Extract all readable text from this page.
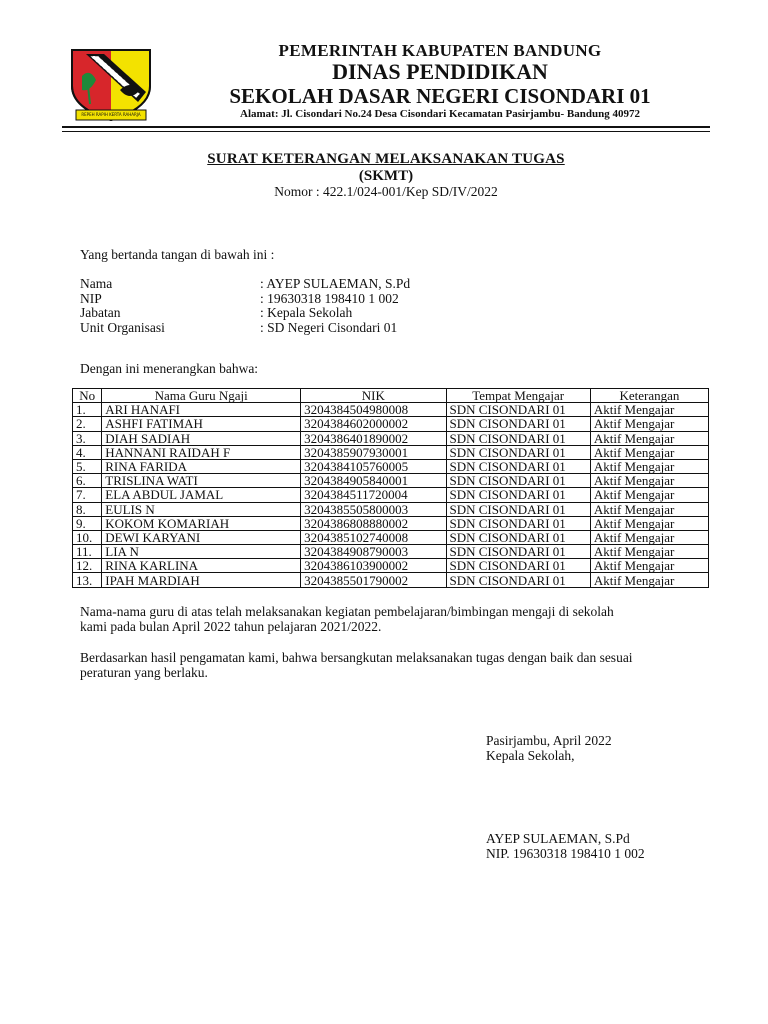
REPEH RAPIH KERTA RAHARJA
PEMERINTAH KABUPATEN BANDUNG
DINAS PENDIDIKAN
SEKOLAH DASAR NEGERI CISONDARI 01
Alamat: Jl. Cisondari No.24 Desa Cisondari Kecamatan Pasirjambu- Bandung 40972
SURAT KETERANGAN MELAKSANAKAN TUGAS
(SKMT)
Nomor : 422.1/024-001/Kep SD/IV/2022
Yang bertanda tangan di bawah ini :
Nama	: AYEP SULAEMAN, S.Pd
NIP	: 19630318 198410 1 002
Jabatan	: Kepala Sekolah
Unit Organisasi	: SD Negeri Cisondari 01
Dengan ini menerangkan bahwa:
No	Nama Guru Ngaji	NIK	Tempat Mengajar	Keterangan
1.	ARI HANAFI	3204384504980008	SDN CISONDARI 01	Aktif Mengajar
2.	ASHFI FATIMAH	3204384602000002	SDN CISONDARI 01	Aktif Mengajar
3.	DIAH SADIAH	3204386401890002	SDN CISONDARI 01	Aktif Mengajar
4.	HANNANI RAIDAH F	3204385907930001	SDN CISONDARI 01	Aktif Mengajar
5.	RINA FARIDA	3204384105760005	SDN CISONDARI 01	Aktif Mengajar
6.	TRISLINA WATI	3204384905840001	SDN CISONDARI 01	Aktif Mengajar
7.	ELA ABDUL JAMAL	3204384511720004	SDN CISONDARI 01	Aktif Mengajar
8.	EULIS N	3204385505800003	SDN CISONDARI 01	Aktif Mengajar
9.	KOKOM KOMARIAH	3204386808880002	SDN CISONDARI 01	Aktif Mengajar
10.	DEWI KARYANI	3204385102740008	SDN CISONDARI 01	Aktif Mengajar
11.	LIA N	3204384908790003	SDN CISONDARI 01	Aktif Mengajar
12.	RINA KARLINA	3204386103900002	SDN CISONDARI 01	Aktif Mengajar
13.	IPAH MARDIAH	3204385501790002	SDN CISONDARI 01	Aktif Mengajar
Nama-nama guru di atas telah melaksanakan kegiatan pembelajaran/bimbingan mengaji di sekolah
kami pada bulan April 2022 tahun pelajaran 2021/2022.
Berdasarkan hasil pengamatan kami, bahwa bersangkutan melaksanakan tugas dengan baik dan sesuai
peraturan yang berlaku.
Pasirjambu, April 2022
Kepala Sekolah,
AYEP SULAEMAN, S.Pd
NIP. 19630318 198410 1 002
